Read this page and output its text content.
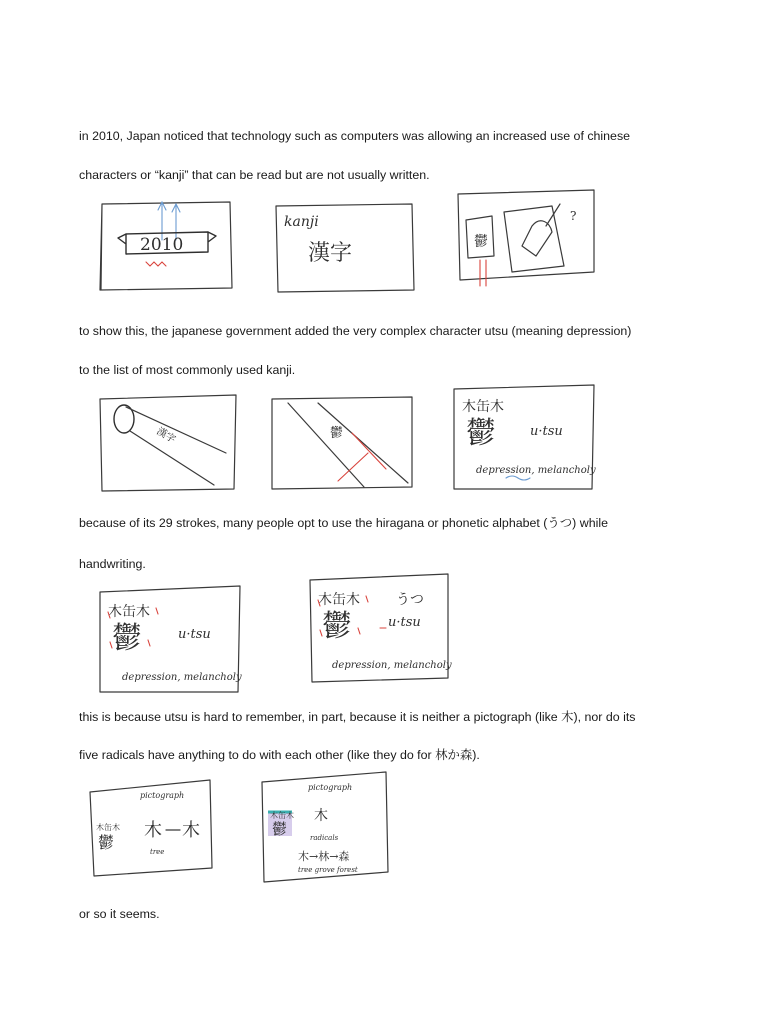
in 2010, Japan noticed that technology such as computers was allowing an increased use of chinese
characters or “kanji” that can be read but are not usually written.
to show this, the japanese government added the very complex character utsu (meaning depression)
to the list of most commonly used kanji.
because of its 29 strokes, many people opt to use the hiragana or phonetic alphabet (うつ) while
handwriting.
this is because utsu is hard to remember, in part, because it is neither a pictograph (like 木), nor do its
five radicals have anything to do with each other (like they do for 林か森).
or so it seems.
2010
kanji
漢字	鬱
?
漢字	鬱
木缶木
鬱	u·tsu
depression, melancholy
木缶木
鬱	u·tsu
depression, melancholy
木缶木	うつ
鬱	u·tsu
depression, melancholy
pictograph
木缶木
鬱
木 木
tree
pictograph
木缶木
鬱
木
radicals
木→林→森
tree grove forest
